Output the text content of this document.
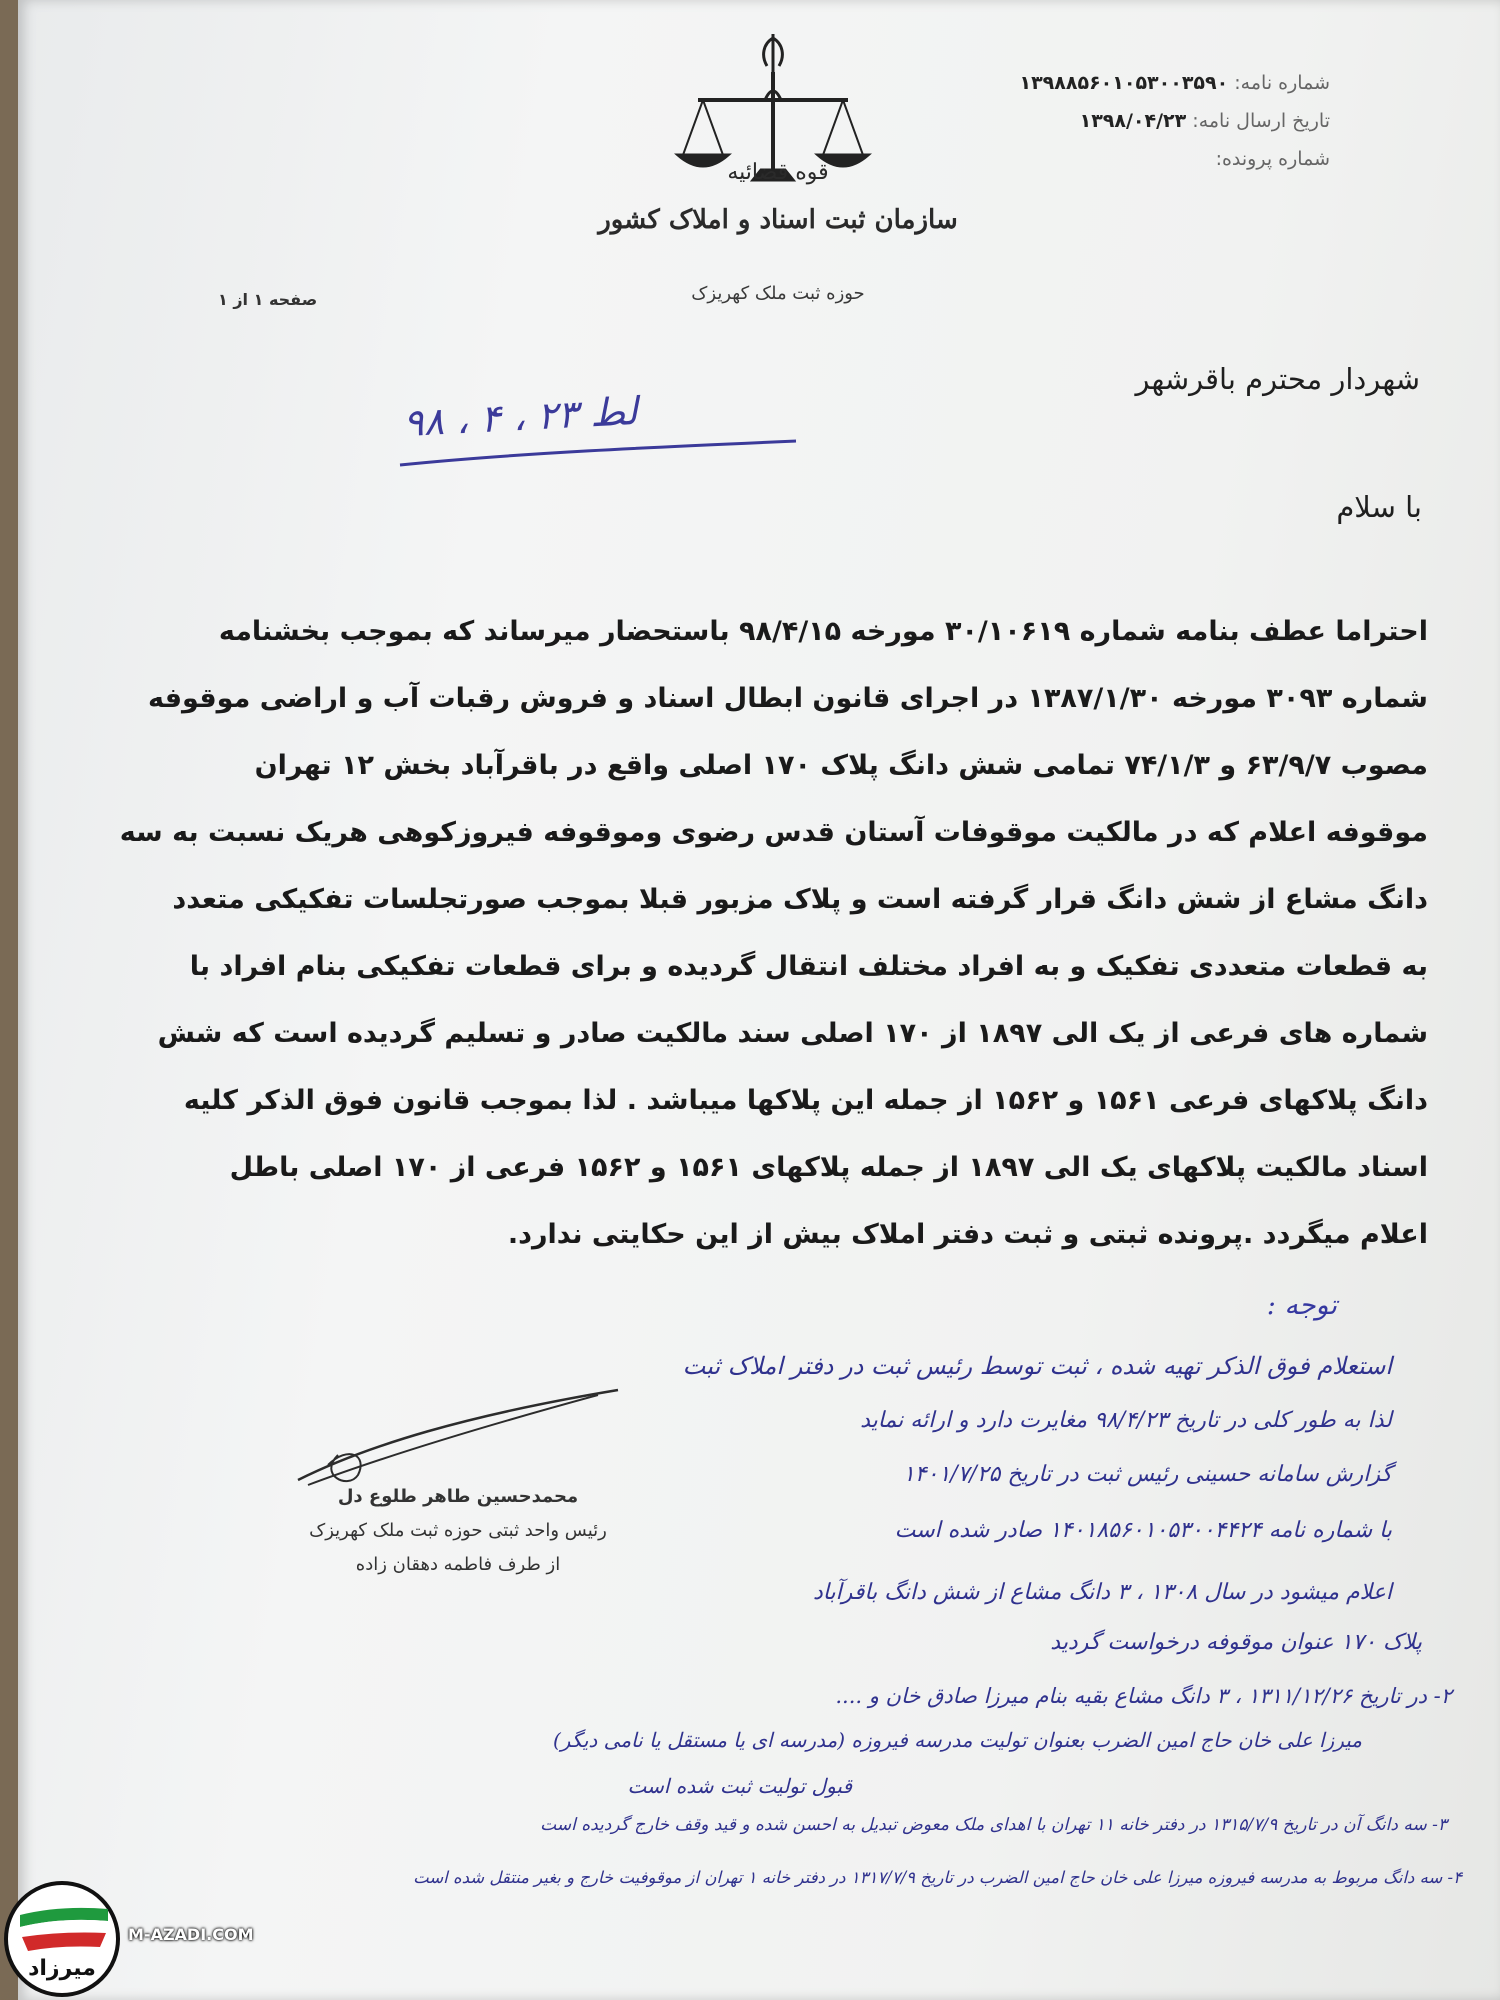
شماره نامه: ۱۳۹۸۸۵۶۰۱۰۵۳۰۰۳۵۹۰
تاریخ ارسال نامه: ۱۳۹۸/۰۴/۲۳
شماره پرونده:
قوه قضائیه
سازمان ثبت اسناد و املاک کشور
حوزه ثبت ملک کهریزک
صفحه ۱ از ۱
شهردار محترم باقرشهر
لط ۲۳ ، ۴ ، ۹۸
با سلام
احتراما عطف بنامه شماره ۳۰/۱۰۶۱۹ مورخه ۹۸/۴/۱۵ باستحضار میرساند که بموجب بخشنامه
شماره ۳۰۹۳ مورخه ۱۳۸۷/۱/۳۰ در اجرای قانون ابطال اسناد و فروش رقبات آب و اراضی موقوفه
مصوب ۶۳/۹/۷ و ۷۴/۱/۳ تمامی شش دانگ پلاک ۱۷۰ اصلی واقع در باقرآباد بخش ۱۲ تهران
موقوفه اعلام که در مالکیت موقوفات آستان قدس رضوی وموقوفه فیروزکوهی هریک نسبت به سه
دانگ مشاع از شش دانگ قرار گرفته است و پلاک مزبور قبلا بموجب صورتجلسات تفکیکی متعدد
به قطعات متعددی تفکیک و به افراد مختلف انتقال گردیده و برای قطعات تفکیکی بنام افراد با
شماره های فرعی از یک الی ۱۸۹۷ از ۱۷۰ اصلی سند مالکیت صادر و تسلیم گردیده است که شش
دانگ پلاکهای فرعی ۱۵۶۱ و ۱۵۶۲ از جمله این پلاکها میباشد . لذا بموجب قانون فوق الذکر کلیه
اسناد مالکیت پلاکهای یک الی ۱۸۹۷ از جمله پلاکهای ۱۵۶۱ و ۱۵۶۲ فرعی از ۱۷۰ اصلی باطل
اعلام میگردد .پرونده ثبتی و ثبت دفتر املاک بیش از این حکایتی ندارد.
توجه :
استعلام فوق الذکر تهیه شده ، ثبت توسط رئیس ثبت در دفتر املاک ثبت
لذا به طور کلی در تاریخ ۹۸/۴/۲۳ مغایرت دارد و ارائه نماید
گزارش سامانه حسینی رئیس ثبت در تاریخ ۱۴۰۱/۷/۲۵
با شماره نامه ۱۴۰۱۸۵۶۰۱۰۵۳۰۰۴۴۲۴ صادر شده است
اعلام میشود در سال ۱۳۰۸ ، ۳ دانگ مشاع از شش دانگ باقرآباد
پلاک ۱۷۰ عنوان موقوفه درخواست گردید
۲- در تاریخ ۱۳۱۱/۱۲/۲۶ ، ۳ دانگ مشاع بقیه بنام میرزا صادق خان و ....
میرزا علی خان حاج امین الضرب بعنوان تولیت مدرسه فیروزه (مدرسه ای یا مستقل یا نامی دیگر)
قبول تولیت ثبت شده است
۳- سه دانگ آن در تاریخ ۱۳۱۵/۷/۹ در دفتر خانه ۱۱ تهران با اهدای ملک معوض تبدیل به احسن شده و قید وقف خارج گردیده است
۴- سه دانگ مربوط به مدرسه فیروزه میرزا علی خان حاج امین الضرب در تاریخ ۱۳۱۷/۷/۹ در دفتر خانه ۱ تهران از موقوفیت خارج و بغیر منتقل شده است
محمدحسین طاهر طلوع دل
رئیس واحد ثبتی حوزه ثبت ملک کهریزک
از طرف فاطمه دهقان زاده
میرزاد
M-AZADI.COM
